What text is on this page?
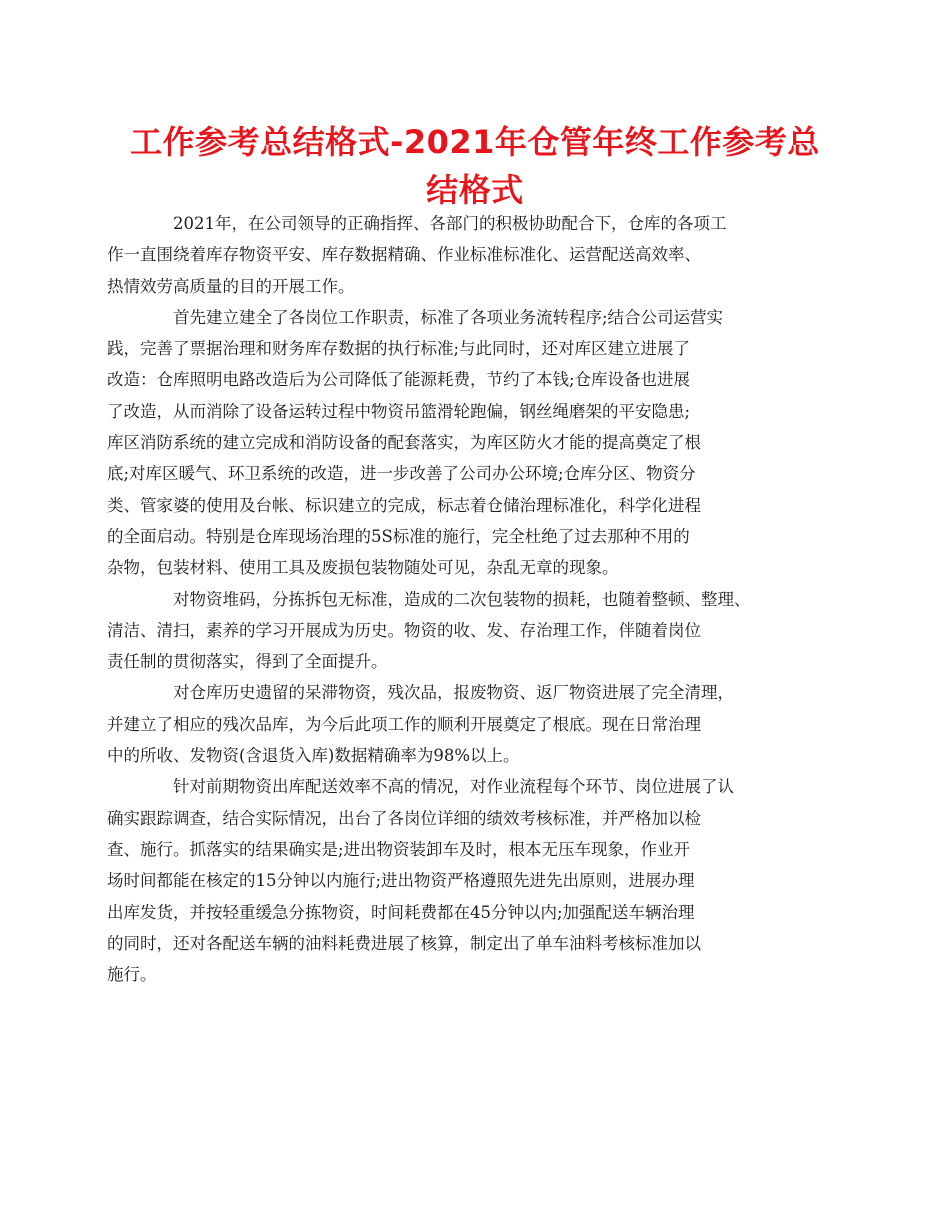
工作参考总结格式-2021年仓管年终工作参考总
结格式

2021年，在公司领导的正确指挥、各部门的积极协助配合下，仓库的各项工
作一直围绕着库存物资平安、库存数据精确、作业标准标准化、运营配送高效率、
热情效劳高质量的目的开展工作。

首先建立建全了各岗位工作职责，标准了各项业务流转程序;结合公司运营实
践，完善了票据治理和财务库存数据的执行标准;与此同时，还对库区建立进展了
改造：仓库照明电路改造后为公司降低了能源耗费，节约了本钱;仓库设备也进展
了改造，从而消除了设备运转过程中物资吊篮滑轮跑偏，钢丝绳磨架的平安隐患;
库区消防系统的建立完成和消防设备的配套落实，为库区防火才能的提高奠定了根
底;对库区暖气、环卫系统的改造，进一步改善了公司办公环境;仓库分区、物资分
类、管家婆的使用及台帐、标识建立的完成，标志着仓储治理标准化，科学化进程
的全面启动。特别是仓库现场治理的5S标准的施行，完全杜绝了过去那种不用的
杂物，包装材料、使用工具及废损包装物随处可见，杂乱无章的现象。

对物资堆码，分拣拆包无标准，造成的二次包装物的损耗，也随着整顿、整理、
清洁、清扫，素养的学习开展成为历史。物资的收、发、存治理工作，伴随着岗位
责任制的贯彻落实，得到了全面提升。

对仓库历史遗留的呆滞物资，残次品，报废物资、返厂物资进展了完全清理，
并建立了相应的残次品库，为今后此项工作的顺利开展奠定了根底。现在日常治理
中的所收、发物资(含退货入库)数据精确率为98%以上。

针对前期物资出库配送效率不高的情况，对作业流程每个环节、岗位进展了认
确实跟踪调查，结合实际情况，出台了各岗位详细的绩效考核标准，并严格加以检
查、施行。抓落实的结果确实是;进出物资装卸车及时，根本无压车现象，作业开
场时间都能在核定的15分钟以内施行;进出物资严格遵照先进先出原则，进展办理
出库发货，并按轻重缓急分拣物资，时间耗费都在45分钟以内;加强配送车辆治理
的同时，还对各配送车辆的油料耗费进展了核算，制定出了单车油料考核标准加以
施行。
